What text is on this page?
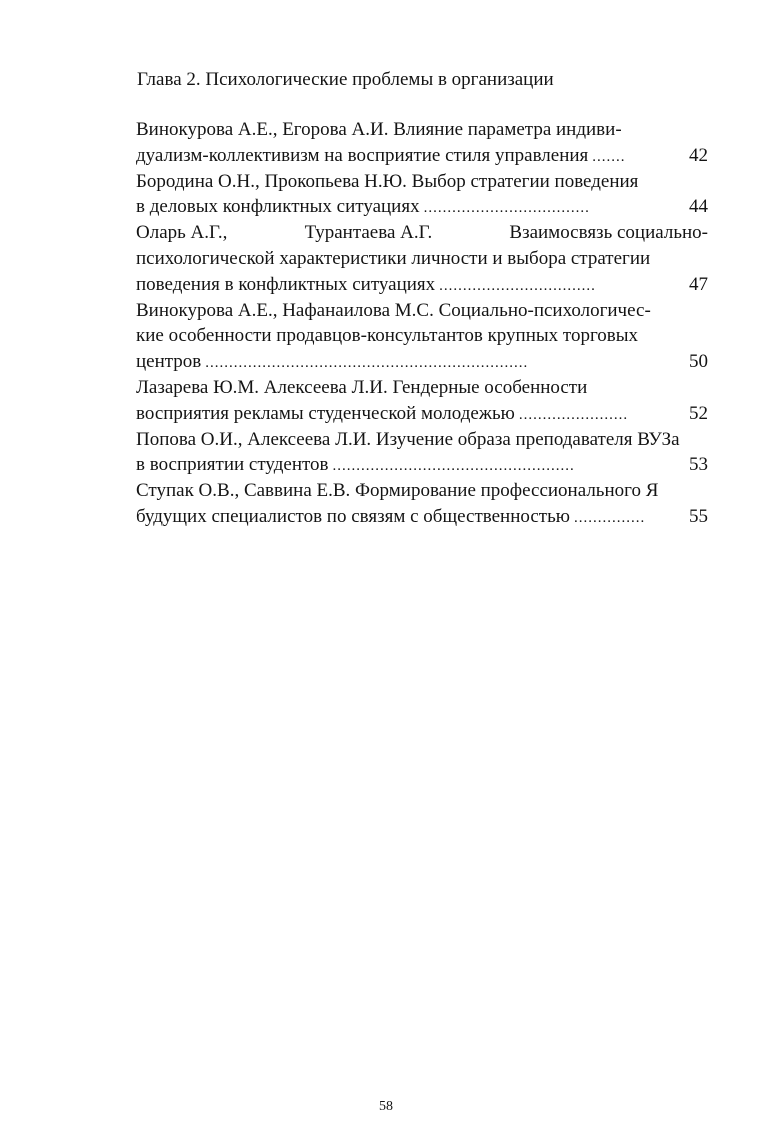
Глава 2. Психологические проблемы в организации
Винокурова А.Е., Егорова А.И. Влияние параметра индиви-
дуализм-коллективизм на восприятие стиля управления .......	42
Бородина О.Н., Прокопьева Н.Ю. Выбор стратегии поведения
в деловых конфликтных ситуациях ...................................	44
Оларь А.Г.,	Турантаева А.Г.	Взаимосвязь социально-
психологической характеристики личности и выбора стратегии
поведения в конфликтных ситуациях .................................	47
Винокурова А.Е., Нафанаилова М.С. Социально-психологичес-
кие особенности продавцов-консультантов крупных торговых
центров ....................................................................	50
Лазарева Ю.М. Алексеева Л.И. Гендерные особенности
восприятия рекламы студенческой молодежью .......................	52
Попова О.И., Алексеева Л.И. Изучение образа преподавателя ВУЗа
в восприятии студентов ...................................................	53
Ступак О.В., Саввина Е.В. Формирование профессионального Я
будущих специалистов по связям с общественностью ...............	55
58
